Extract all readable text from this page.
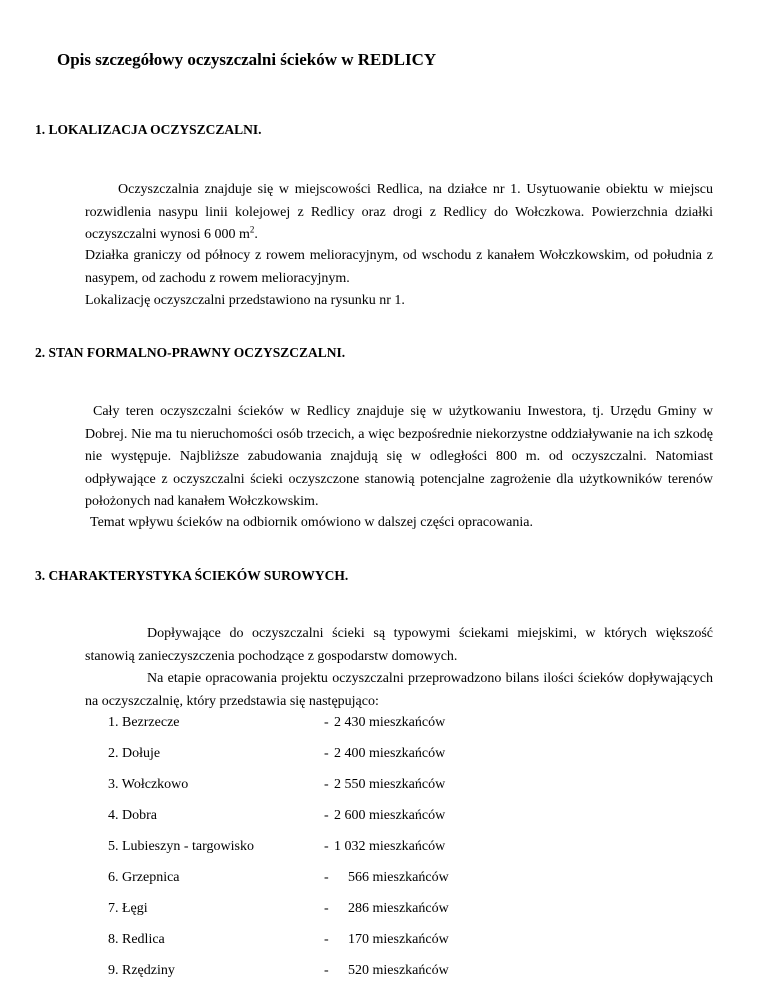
Opis szczegółowy oczyszczalni ścieków w REDLICY
1. LOKALIZACJA OCZYSZCZALNI.

Oczyszczalnia znajduje się w miejscowości Redlica, na działce nr 1. Usytuowanie obiektu w miejscu rozwidlenia nasypu linii kolejowej z Redlicy oraz drogi z Redlicy do Wołczkowa. Powierzchnia działki oczyszczalni wynosi 6 000 $m^2$.

Działka graniczy od północy z rowem melioracyjnym, od wschodu z kanałem Wołczkowskim, od południa z nasypem, od zachodu z rowem melioracyjnym.

Lokalizację oczyszczalni przedstawiono na rysunku nr 1.

2. STAN FORMALNO-PRAWNY OCZYSZCZALNI.

Cały teren oczyszczalni ścieków w Redlicy znajduje się w użytkowaniu Inwestora, tj. Urzędu Gminy w Dobrej. Nie ma tu nieruchomości osób trzecich, a więc bezpośrednie niekorzystne oddziaływanie na ich szkodę nie występuje. Najbliższe zabudowania znajdują się w odległości 800 m. od oczyszczalni. Natomiast odpływające z oczyszczalni ścieki oczyszczone stanowią potencjalne zagrożenie dla użytkowników terenów położonych nad kanałem Wołczkowskim.

Temat wpływu ścieków na odbiornik omówiono w dalszej części opracowania.

3. CHARAKTERYSTYKA ŚCIEKÓW SUROWYCH.

Dopływające do oczyszczalni ścieki są typowymi ściekami miejskimi, w których większość stanowią zanieczyszczenia pochodzące z gospodarstw domowych.

Na etapie opracowania projektu oczyszczalni przeprowadzono bilans ilości ścieków dopływających na oczyszczalnię, który przedstawia się następująco:

1. Bezrzecze	- 2 430 mieszkańców
2. Dołuje	- 2 400 mieszkańców
3. Wołczkowo	- 2 550 mieszkańców
4. Dobra	- 2 600 mieszkańców
5. Lubieszyn - targowisko	- 1 032 mieszkańców
6. Grzepnica	- 566 mieszkańców
7. Łęgi	- 286 mieszkańców
8. Redlica	- 170 mieszkańców
9. Rzędziny	- 520 mieszkańców
